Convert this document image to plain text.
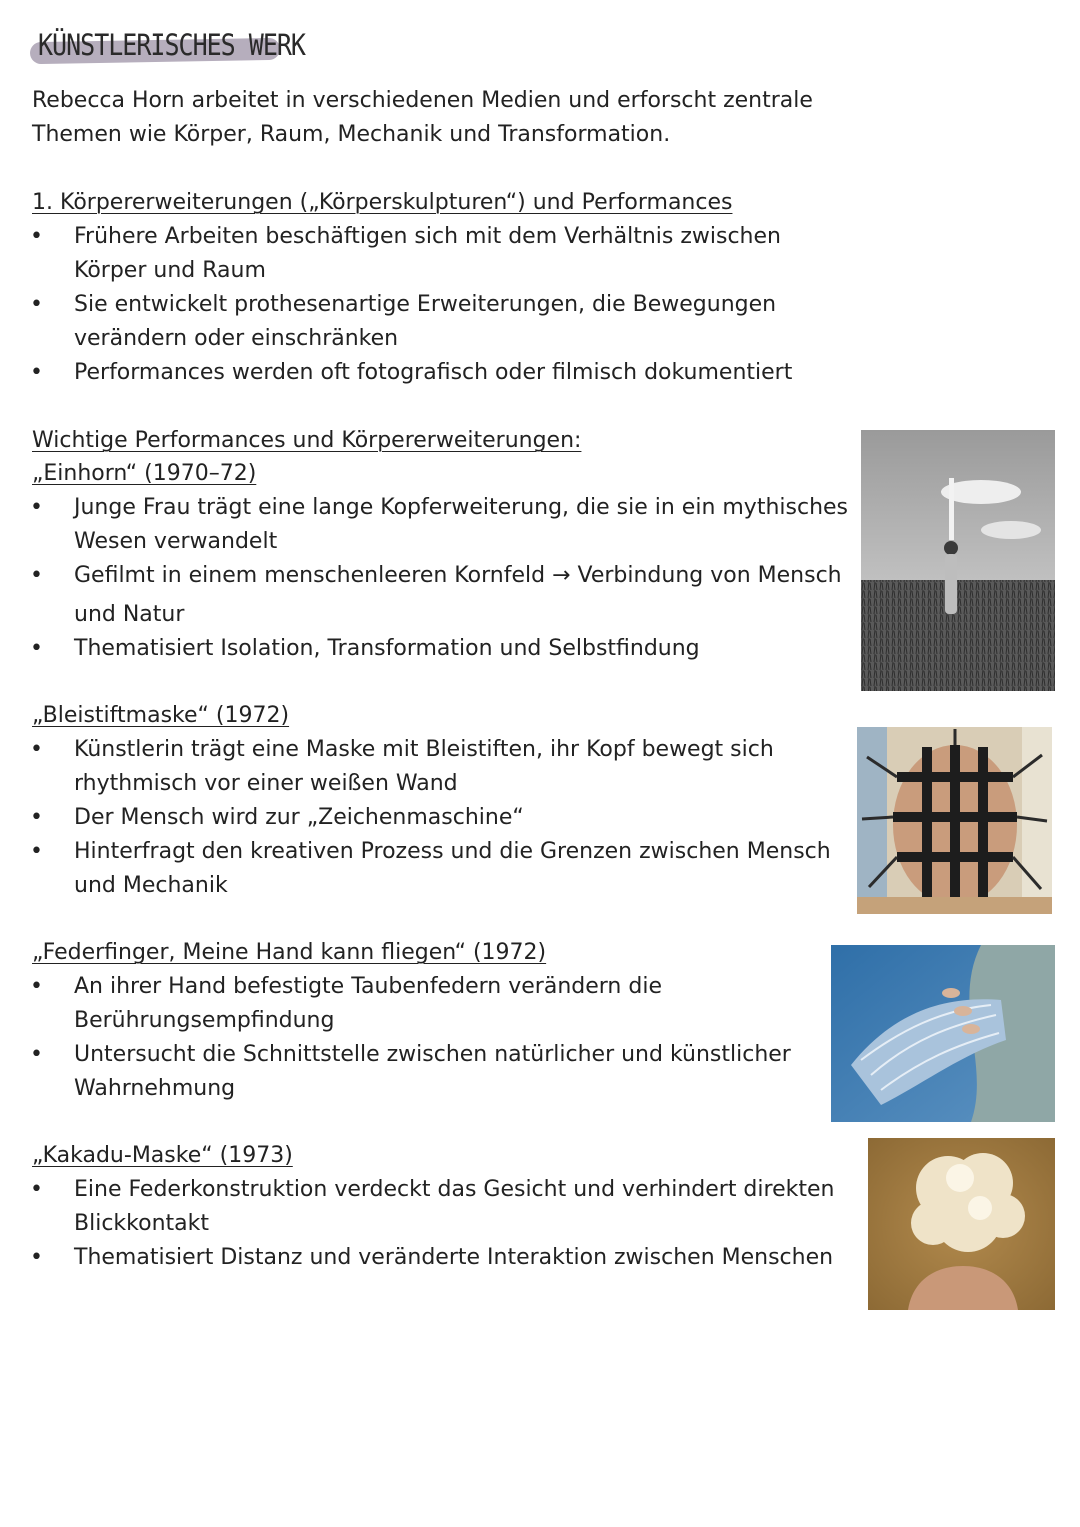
KÜNSTLERISCHES WERK
Rebecca Horn arbeitet in verschiedenen Medien und erforscht zentrale
Themen wie Körper, Raum, Mechanik und Transformation.
1. Körpererweiterungen („Körperskulpturen“) und Performances
• Frühere Arbeiten beschäftigen sich mit dem Verhältnis zwischen
Körper und Raum
• Sie entwickelt prothesenartige Erweiterungen, die Bewegungen
verändern oder einschränken
• Performances werden oft fotografisch oder filmisch dokumentiert
Wichtige Performances und Körpererweiterungen:
„Einhorn“ (1970–72)
• Junge Frau trägt eine lange Kopferweiterung, die sie in ein mythisches
Wesen verwandelt
• Gefilmt in einem menschenleeren Kornfeld → Verbindung von Mensch
und Natur
• Thematisiert Isolation, Transformation und Selbstfindung
„Bleistiftmaske“ (1972)
• Künstlerin trägt eine Maske mit Bleistiften, ihr Kopf bewegt sich
rhythmisch vor einer weißen Wand
• Der Mensch wird zur „Zeichenmaschine“
• Hinterfragt den kreativen Prozess und die Grenzen zwischen Mensch
und Mechanik
„Federfinger, Meine Hand kann fliegen“ (1972)
• An ihrer Hand befestigte Taubenfedern verändern die
Berührungsempfindung
• Untersucht die Schnittstelle zwischen natürlicher und künstlicher
Wahrnehmung
„Kakadu-Maske“ (1973)
• Eine Federkonstruktion verdeckt das Gesicht und verhindert direkten
Blickkontakt
• Thematisiert Distanz und veränderte Interaktion zwischen Menschen
